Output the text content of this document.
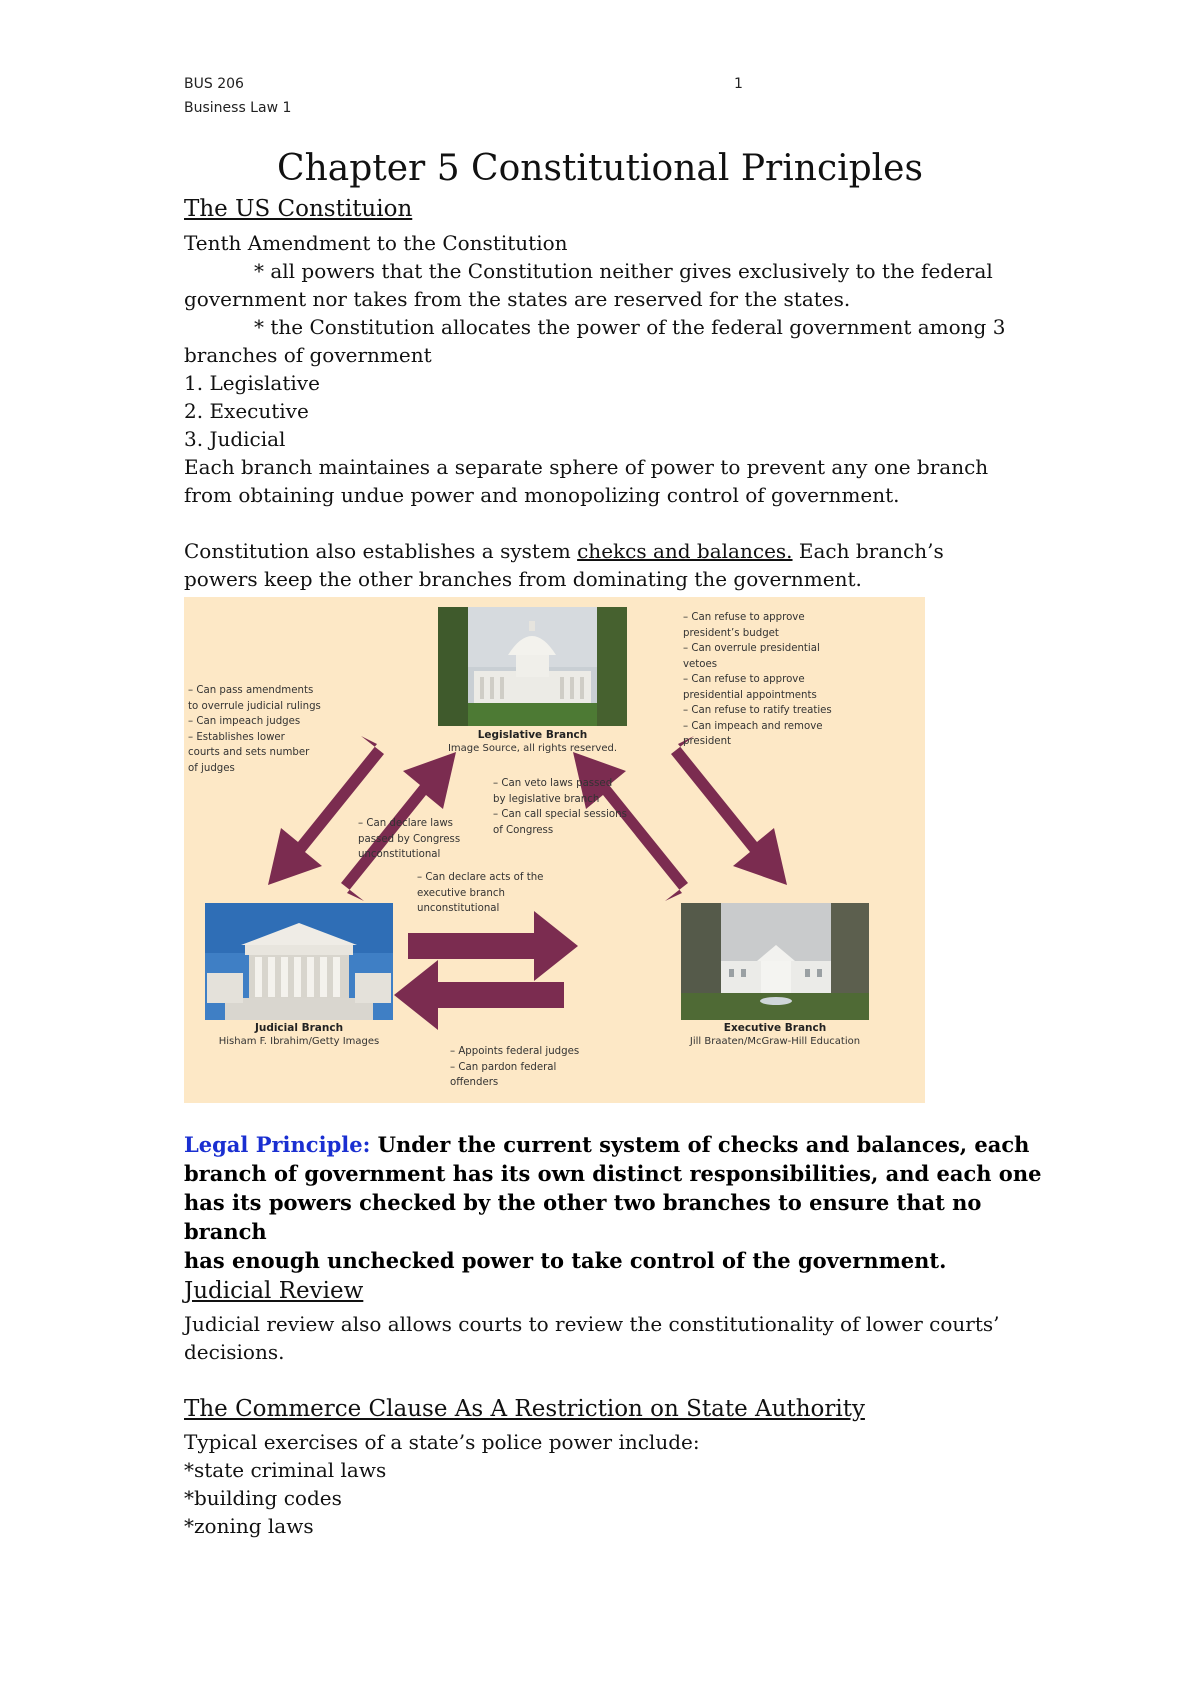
BUS 206
Business Law 1
1
Chapter 5 Constitutional Principles
The US Constituion
Tenth Amendment to the Constitution
* all powers that the Constitution neither gives exclusively to the federal
government nor takes from the states are reserved for the states.
* the Constitution allocates the power of the federal government among 3
branches of government
1. Legislative
2. Executive
3. Judicial
Each branch maintaines a separate sphere of power to prevent any one branch
from obtaining undue power and monopolizing control of government.
Constitution also establishes a system chekcs and balances. Each branch’s
powers keep the other branches from dominating the government.
Legislative Branch
Image Source, all rights reserved.
Judicial Branch
Hisham F. Ibrahim/Getty Images
Executive Branch
Jill Braaten/McGraw-Hill Education
– Can pass amendments
to overrule judicial rulings
– Can impeach judges
– Establishes lower
courts and sets number
of judges
– Can refuse to approve
president’s budget
– Can overrule presidential
vetoes
– Can refuse to approve
presidential appointments
– Can refuse to ratify treaties
– Can impeach and remove
president
– Can declare laws
passed by Congress
unconstitutional
– Can veto laws passed
by legislative branch
– Can call special sessions
of Congress
– Can declare acts of the
executive branch
unconstitutional
– Appoints federal judges
– Can pardon federal
offenders
Legal Principle: Under the current system of checks and balances, each
branch of government has its own distinct responsibilities, and each one
has its powers checked by the other two branches to ensure that no branch
has enough unchecked power to take control of the government.
Judicial Review
Judicial review also allows courts to review the constitutionality of lower courts’
decisions.
The Commerce Clause As A Restriction on State Authority
Typical exercises of a state’s police power include:
*state criminal laws
*building codes
*zoning laws
